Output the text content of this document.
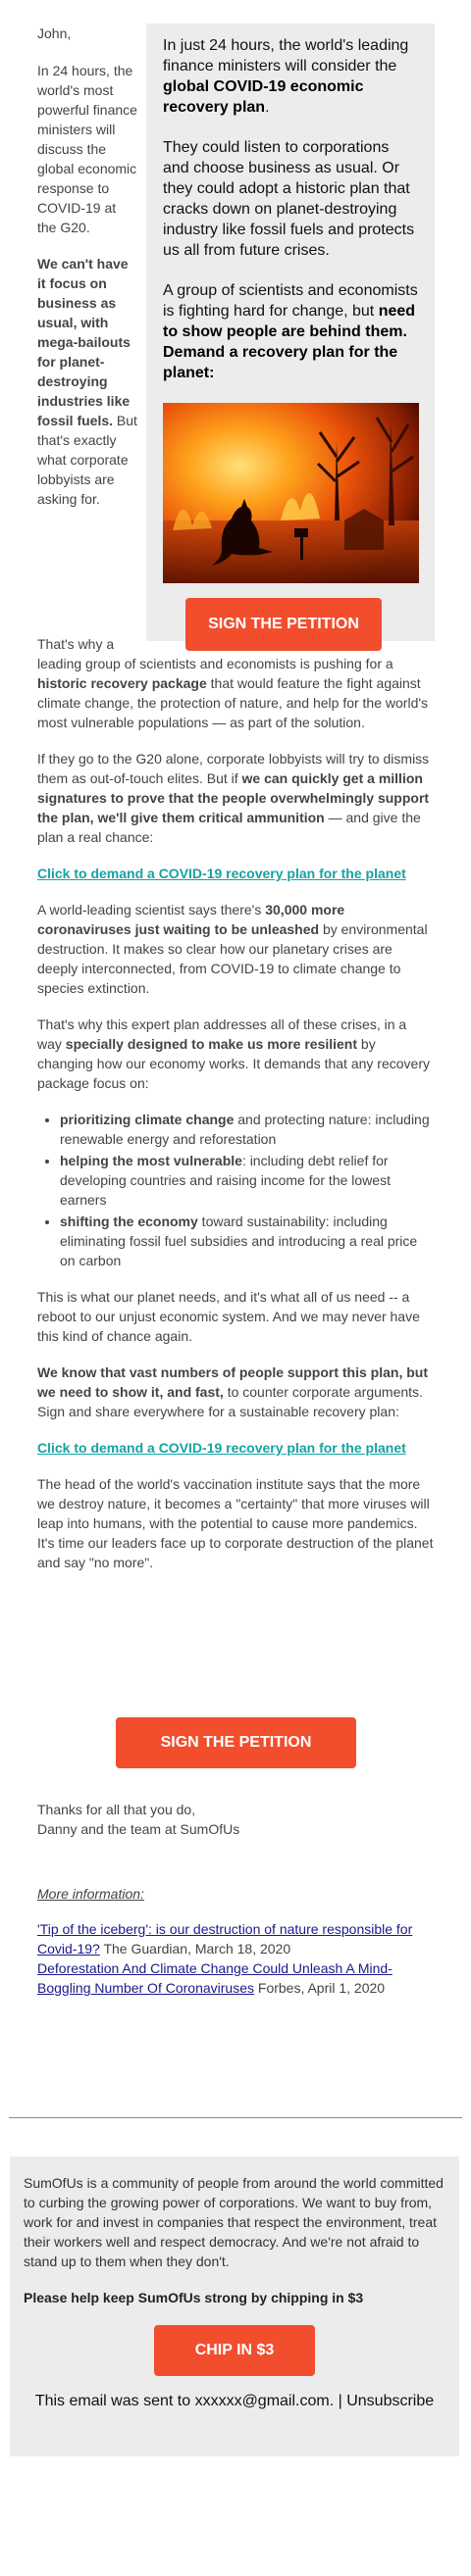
John,

In 24 hours, the world's most powerful finance ministers will discuss the global economic response to COVID-19 at the G20.

We can't have it focus on business as usual, with mega-bailouts for planet-destroying industries like fossil fuels. But that's exactly what corporate lobbyists are asking for.

In just 24 hours, the world's leading finance ministers will consider the global COVID-19 economic recovery plan.

They could listen to corporations and choose business as usual. Or they could adopt a historic plan that cracks down on planet-destroying industry like fossil fuels and protects us all from future crises.

A group of scientists and economists is fighting hard for change, but need to show people are behind them. Demand a recovery plan for the planet:

SIGN THE PETITION

That's why a

leading group of scientists and economists is pushing for a historic recovery package that would feature the fight against climate change, the protection of nature, and help for the world's most vulnerable populations — as part of the solution.

If they go to the G20 alone, corporate lobbyists will try to dismiss them as out-of-touch elites. But if we can quickly get a million signatures to prove that the people overwhelmingly support the plan, we'll give them critical ammunition — and give the plan a real chance:

Click to demand a COVID-19 recovery plan for the planet

A world-leading scientist says there's 30,000 more coronaviruses just waiting to be unleashed by environmental destruction. It makes so clear how our planetary crises are deeply interconnected, from COVID-19 to climate change to species extinction.

That's why this expert plan addresses all of these crises, in a way specially designed to make us more resilient by changing how our economy works. It demands that any recovery package focus on:

• prioritizing climate change and protecting nature: including renewable energy and reforestation
• helping the most vulnerable: including debt relief for developing countries and raising income for the lowest earners
• shifting the economy toward sustainability: including eliminating fossil fuel subsidies and introducing a real price on carbon

This is what our planet needs, and it's what all of us need -- a reboot to our unjust economic system. And we may never have this kind of chance again.

We know that vast numbers of people support this plan, but we need to show it, and fast, to counter corporate arguments. Sign and share everywhere for a sustainable recovery plan:

Click to demand a COVID-19 recovery plan for the planet

The head of the world's vaccination institute says that the more we destroy nature, it becomes a "certainty" that more viruses will leap into humans, with the potential to cause more pandemics. It's time our leaders face up to corporate destruction of the planet and say "no more".

SIGN THE PETITION
Thanks for all that you do,
Danny and the team at SumOfUs

More information:

'Tip of the iceberg': is our destruction of nature responsible for Covid-19? The Guardian, March 18, 2020
Deforestation And Climate Change Could Unleash A Mind-Boggling Number Of Coronaviruses Forbes, April 1, 2020

SumOfUs is a community of people from around the world committed to curbing the growing power of corporations. We want to buy from, work for and invest in companies that respect the environment, treat their workers well and respect democracy. And we're not afraid to stand up to them when they don't.

Please help keep SumOfUs strong by chipping in $3

CHIP IN $3
This email was sent to xxxxxx@gmail.com. | Unsubscribe
